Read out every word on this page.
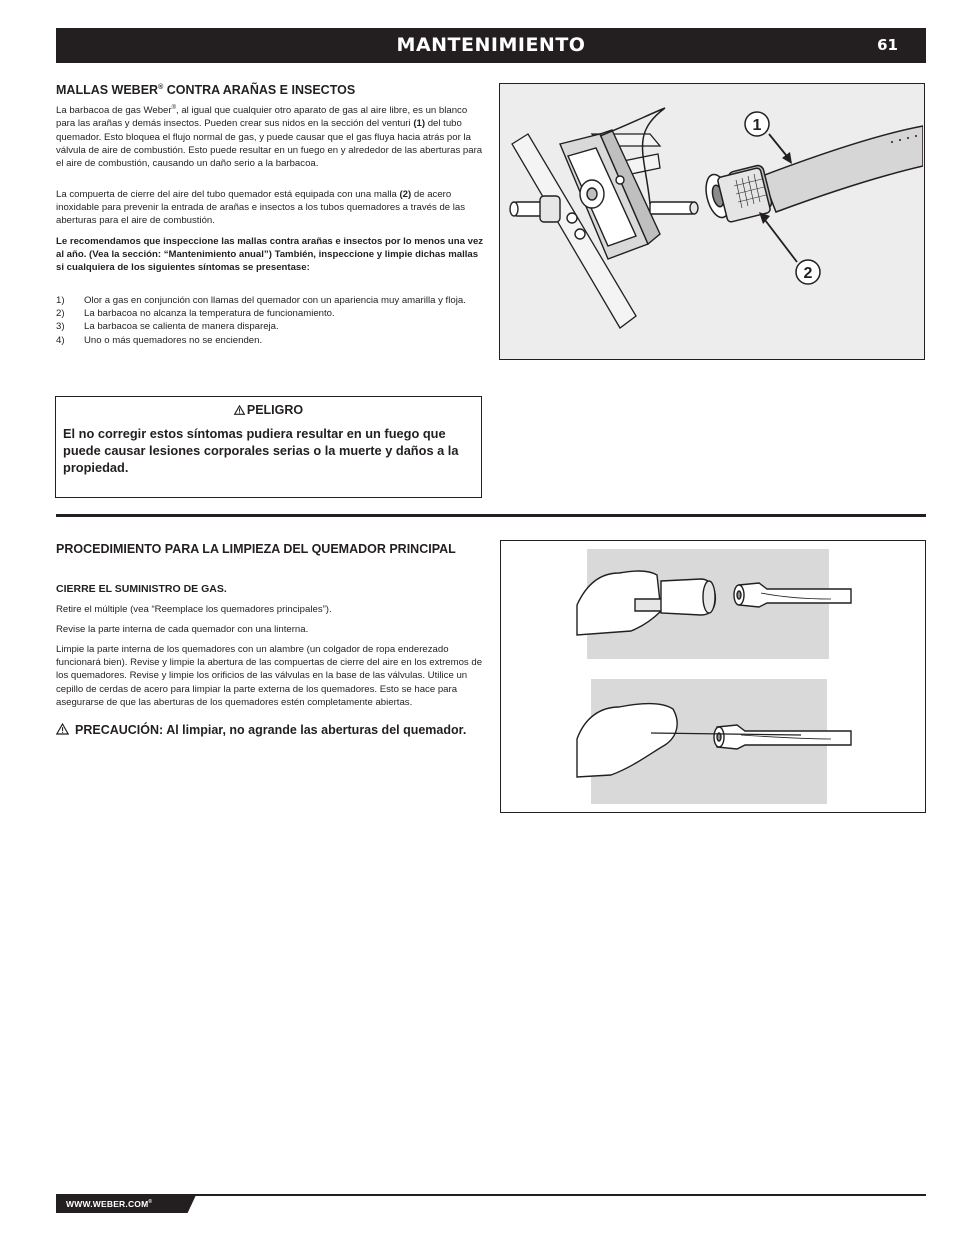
MANTENIMIENTO	61
MALLAS WEBER® CONTRA ARAÑAS E INSECTOS
La barbacoa de gas Weber®, al igual que cualquier otro aparato de gas al aire libre, es un blanco para las arañas y demás insectos. Pueden crear sus nidos en la sección del venturi (1) del tubo quemador. Esto bloquea el flujo normal de gas, y puede causar que el gas fluya hacia atrás por la válvula de aire de combustión. Esto puede resultar en un fuego en y alrededor de las aberturas para el aire de combustión, causando un daño serio a la barbacoa.
La compuerta de cierre del aire del tubo quemador está equipada con una malla (2) de acero inoxidable para prevenir la entrada de arañas e insectos a los tubos quemadores a través de las aberturas para el aire de combustión.
Le recomendamos que inspeccione las mallas contra arañas e insectos por lo menos una vez al año. (Vea la sección: “Mantenimiento anual”) También, inspeccione y limpie dichas mallas si cualquiera de los siguientes síntomas se presentase:
1) Olor a gas en conjunción con llamas del quemador con un apariencia muy amarilla y floja.
2) La barbacoa no alcanza la temperatura de funcionamiento.
3) La barbacoa se calienta de manera dispareja.
4) Uno o más quemadores no se encienden.
1
2
PELIGRO
El no corregir estos síntomas pudiera resultar en un fuego que puede causar lesiones corporales serias o la muerte y daños a la propiedad.
PROCEDIMIENTO PARA LA LIMPIEZA DEL QUEMADOR PRINCIPAL
CIERRE EL SUMINISTRO DE GAS.
Retire el múltiple (vea “Reemplace los quemadores principales”).
Revise la parte interna de cada quemador con una linterna.
Limpie la parte interna de los quemadores con un alambre (un colgador de ropa enderezado funcionará bien). Revise y limpie la abertura de las compuertas de cierre del aire en los extremos de los quemadores. Revise y limpie los orificios de las válvulas en la base de las válvulas. Utilice un cepillo de cerdas de acero para limpiar la parte externa de los quemadores. Esto se hace para asegurarse de que las aberturas de los quemadores estén completamente abiertas.
PRECAUCIÓN: Al limpiar, no agrande las aberturas del quemador.
WWW.WEBER.COM®
